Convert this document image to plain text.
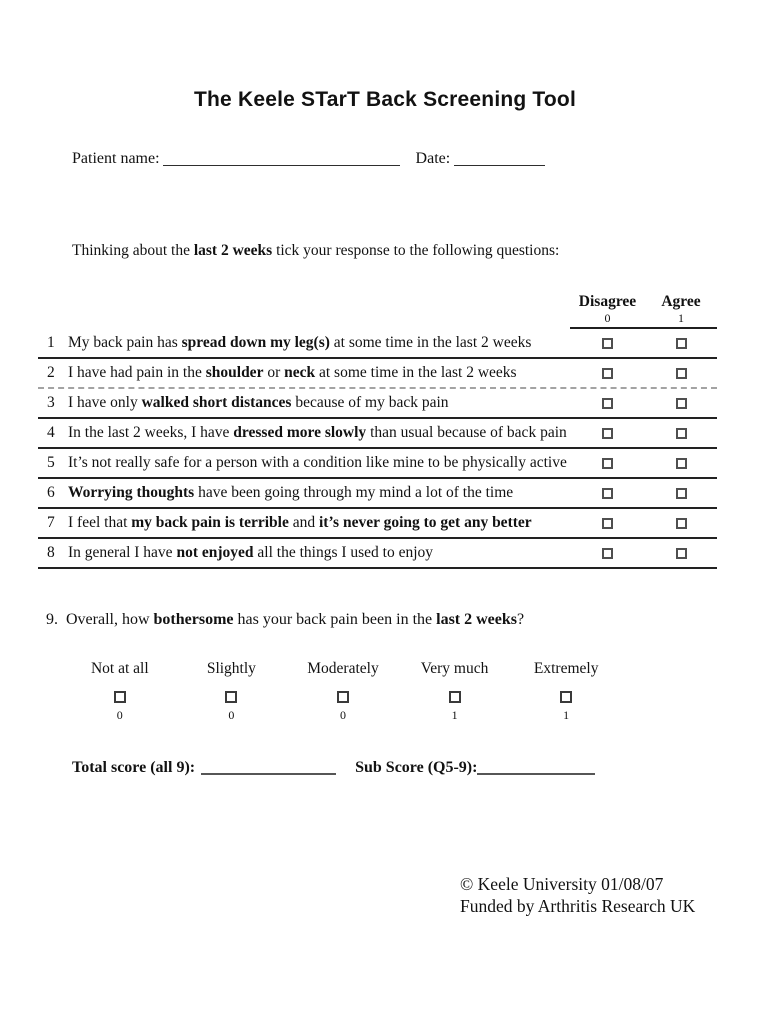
The Keele STarT Back Screening Tool
Patient name:	Date:

Thinking about the last 2 weeks tick your response to the following questions:

Disagree
0
Agree
1
1 My back pain has spread down my leg(s) at some time in the last 2 weeks
2 I have had pain in the shoulder or neck at some time in the last 2 weeks
3 I have only walked short distances because of my back pain
4 In the last 2 weeks, I have dressed more slowly than usual because of back pain
5 It’s not really safe for a person with a condition like mine to be physically active
6 Worrying thoughts have been going through my mind a lot of the time
7 I feel that my back pain is terrible and it’s never going to get any better
8 In general I have not enjoyed all the things I used to enjoy

9.  Overall, how bothersome has your back pain been in the last 2 weeks?

Not at all
0
Slightly
0
Moderately
0
Very much
1
Extremely
1
Total score (all 9):	Sub Score (Q5-9):
© Keele University 01/08/07
Funded by Arthritis Research UK
